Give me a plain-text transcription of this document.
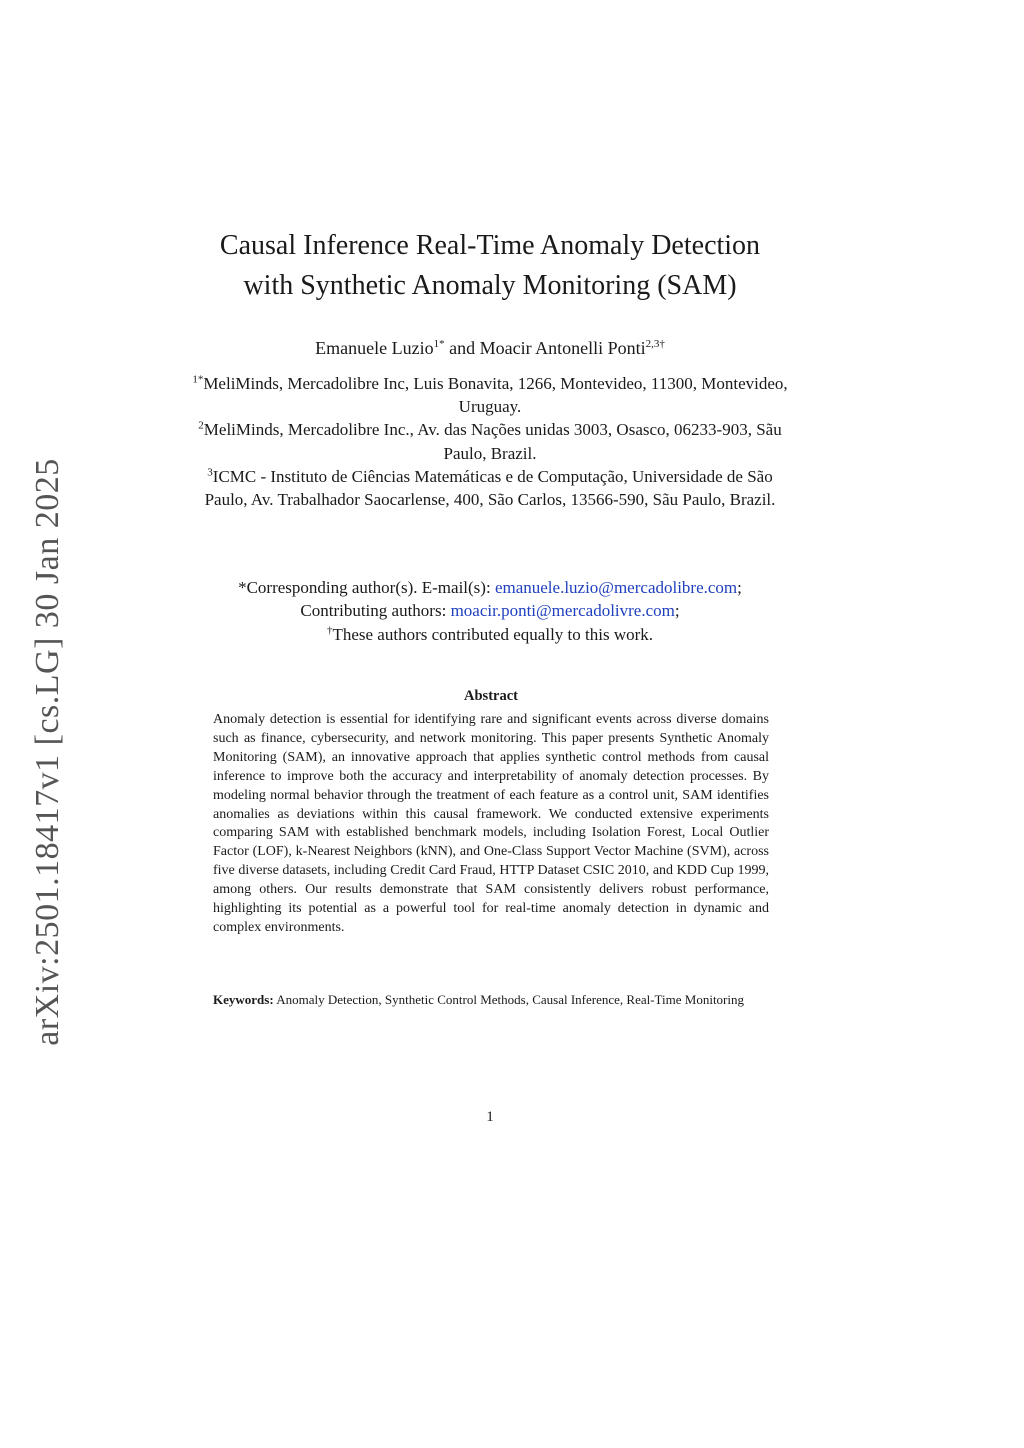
arXiv:2501.18417v1 [cs.LG] 30 Jan 2025
Causal Inference Real-Time Anomaly Detection
with Synthetic Anomaly Monitoring (SAM)
Emanuele Luzio$^{1*}$ and Moacir Antonelli Ponti$^{2,3\dagger}$
$^{1*}$MeliMinds, Mercadolibre Inc, Luis Bonavita, 1266, Montevideo, 11300, Montevideo, Uruguay.
$^2$MeliMinds, Mercadolibre Inc., Av. das Nações unidas 3003, Osasco, 06233-903, Sãu Paulo, Brazil.
$^3$ICMC - Instituto de Ciências Matemáticas e de Computação, Universidade de São Paulo, Av. Trabalhador Saocarlense, 400, São Carlos, 13566-590, Sãu Paulo, Brazil.
*Corresponding author(s). E-mail(s): emanuele.luzio@mercadolibre.com;
Contributing authors: moacir.ponti@mercadolivre.com;
†These authors contributed equally to this work.
Abstract
Anomaly detection is essential for identifying rare and significant events across diverse domains such as finance, cybersecurity, and network monitoring. This paper presents Synthetic Anomaly Monitoring (SAM), an innovative approach that applies synthetic control methods from causal inference to improve both the accuracy and interpretability of anomaly detection processes. By modeling normal behavior through the treatment of each feature as a control unit, SAM identifies anomalies as deviations within this causal framework. We conducted extensive experiments comparing SAM with established benchmark models, including Isolation Forest, Local Outlier Factor (LOF), k-Nearest Neighbors (kNN), and One-Class Support Vector Machine (SVM), across five diverse datasets, including Credit Card Fraud, HTTP Dataset CSIC 2010, and KDD Cup 1999, among others. Our results demonstrate that SAM consistently delivers robust performance, highlighting its potential as a powerful tool for real-time anomaly detection in dynamic and complex environments.
Keywords: Anomaly Detection, Synthetic Control Methods, Causal Inference, Real-Time Monitoring
1
